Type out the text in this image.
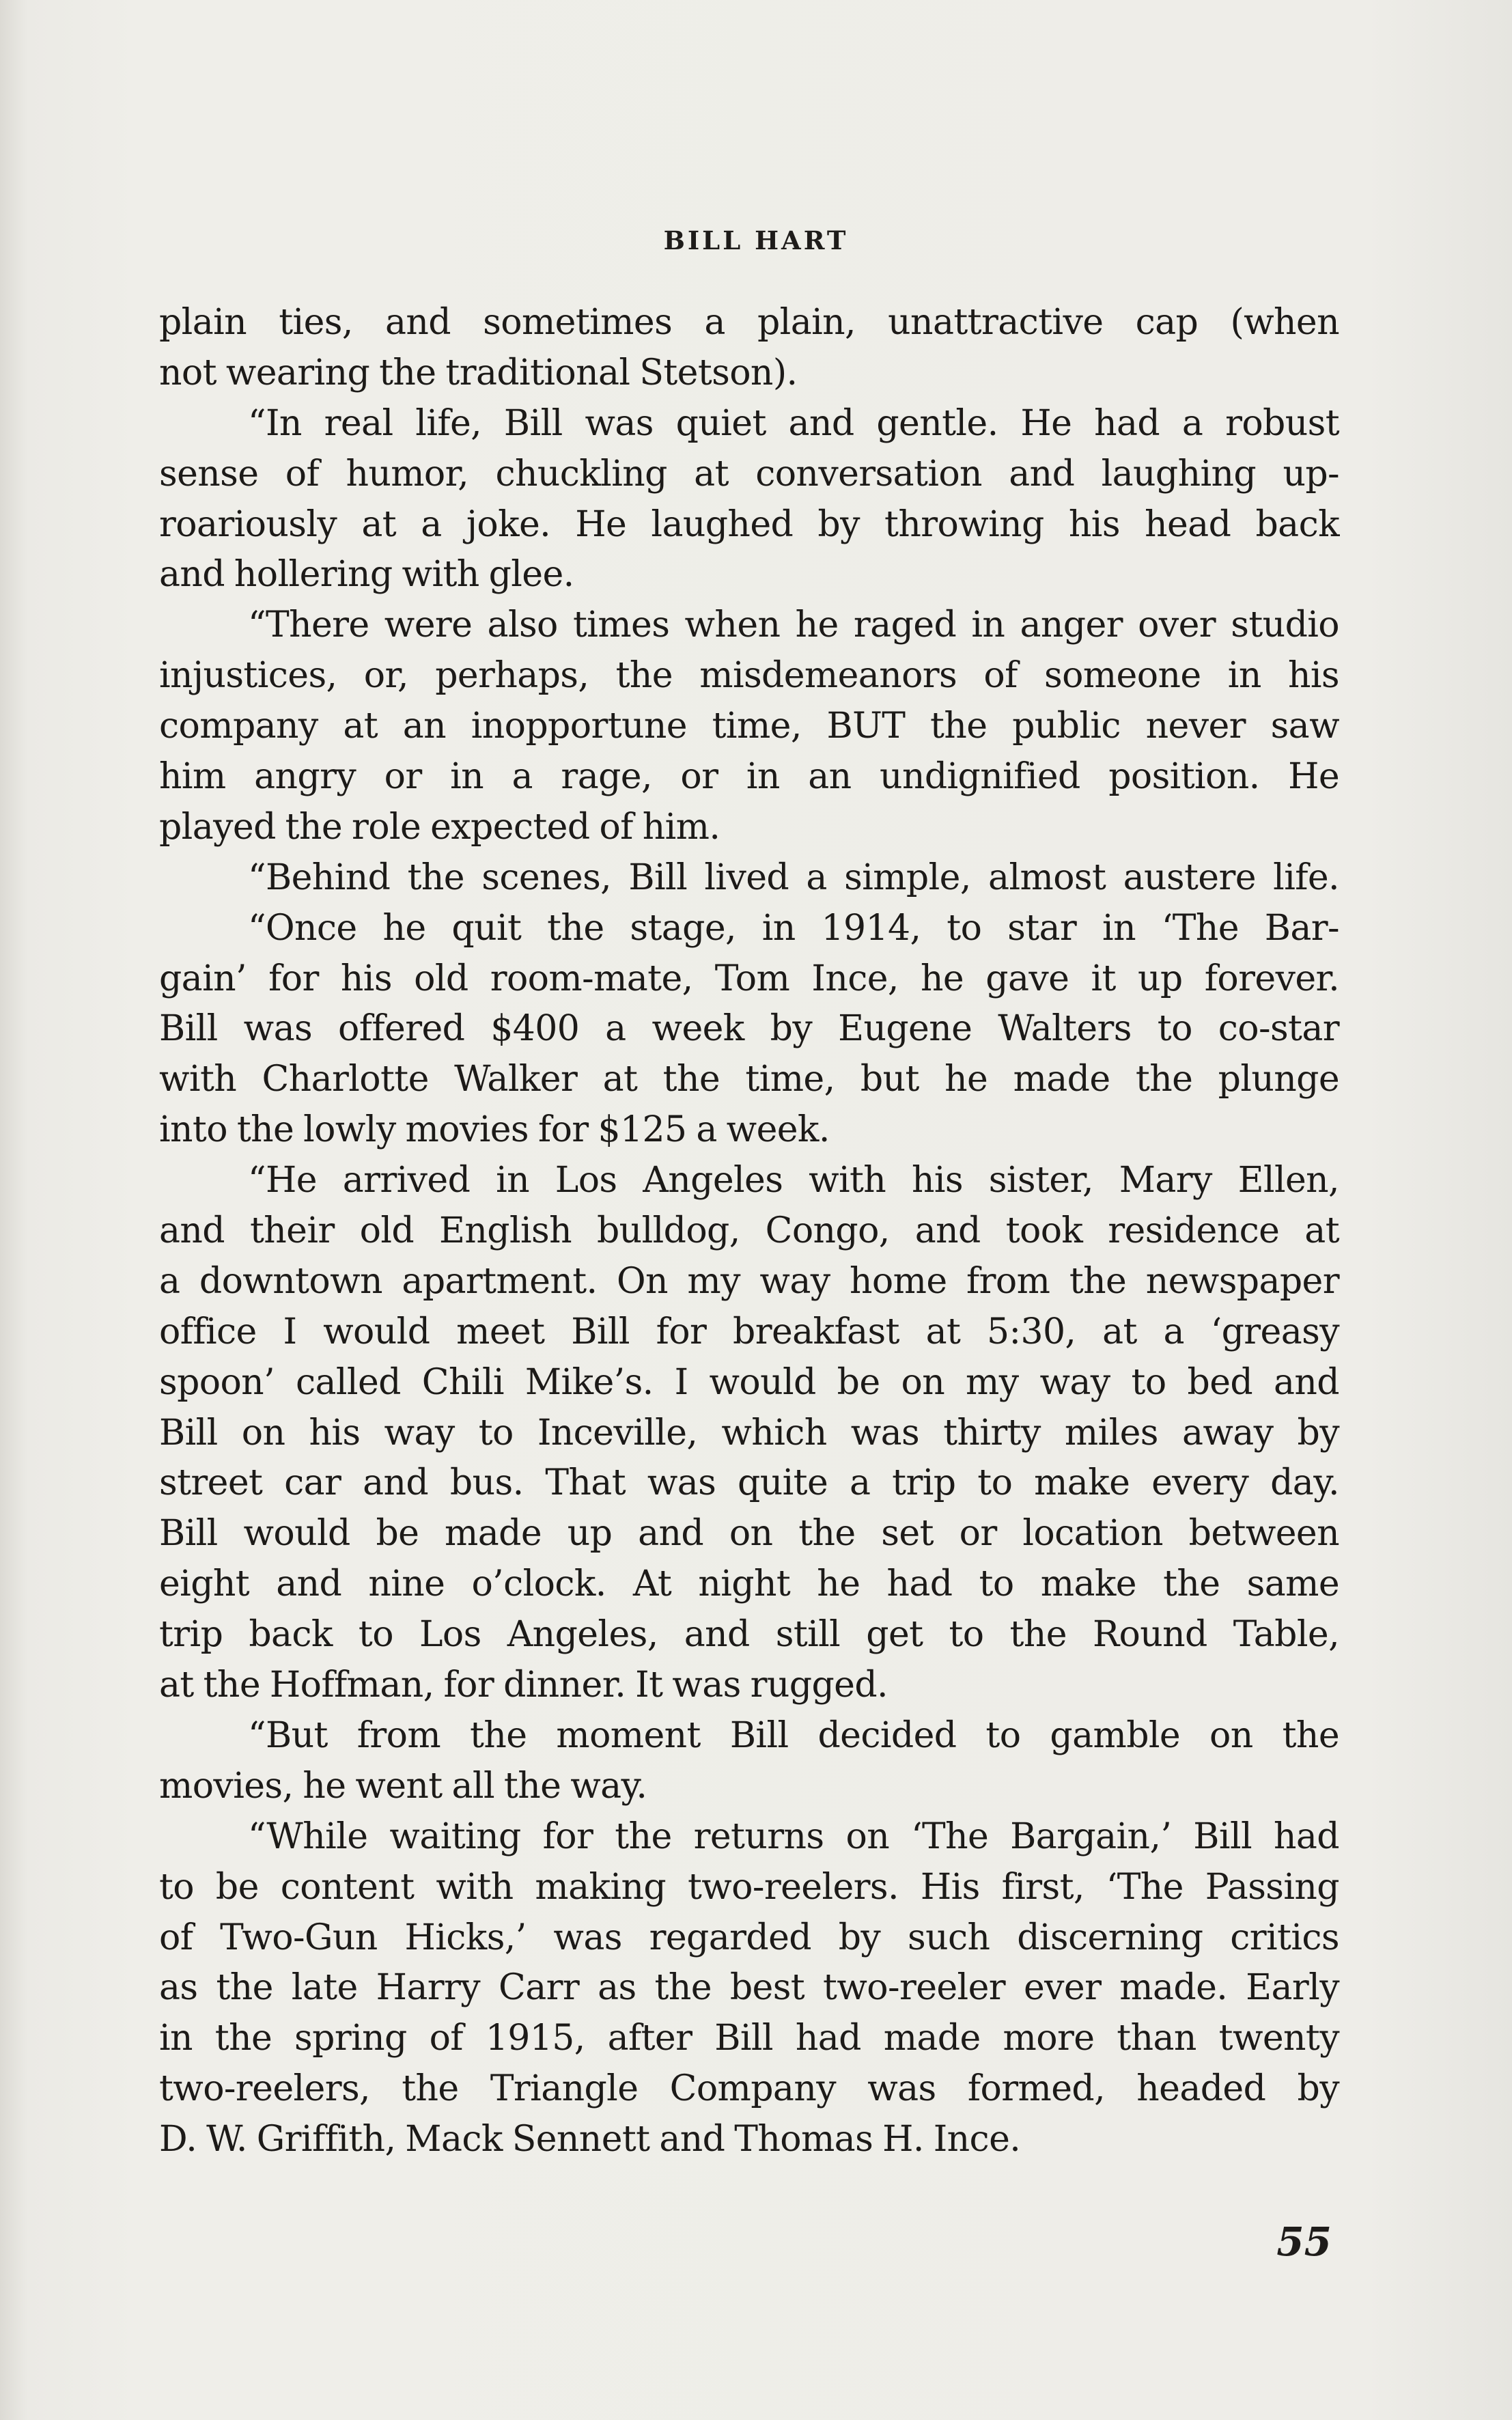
BILL HART
plain ties, and sometimes a plain, unattractive cap (when
not wearing the traditional Stetson).
“In real life, Bill was quiet and gentle. He had a robust
sense of humor, chuckling at conversation and laughing up-
roariously at a joke. He laughed by throwing his head back
and hollering with glee.
“There were also times when he raged in anger over studio
injustices, or, perhaps, the misdemeanors of someone in his
company at an inopportune time, BUT the public never saw
him angry or in a rage, or in an undignified position. He
played the role expected of him.
“Behind the scenes, Bill lived a simple, almost austere life.
“Once he quit the stage, in 1914, to star in ‘The Bar-
gain’ for his old room-mate, Tom Ince, he gave it up forever.
Bill was offered $400 a week by Eugene Walters to co-star
with Charlotte Walker at the time, but he made the plunge
into the lowly movies for $125 a week.
“He arrived in Los Angeles with his sister, Mary Ellen,
and their old English bulldog, Congo, and took residence at
a downtown apartment. On my way home from the newspaper
office I would meet Bill for breakfast at 5:30, at a ‘greasy
spoon’ called Chili Mike’s. I would be on my way to bed and
Bill on his way to Inceville, which was thirty miles away by
street car and bus. That was quite a trip to make every day.
Bill would be made up and on the set or location between
eight and nine o’clock. At night he had to make the same
trip back to Los Angeles, and still get to the Round Table,
at the Hoffman, for dinner. It was rugged.
“But from the moment Bill decided to gamble on the
movies, he went all the way.
“While waiting for the returns on ‘The Bargain,’ Bill had
to be content with making two-reelers. His first, ‘The Passing
of Two-Gun Hicks,’ was regarded by such discerning critics
as the late Harry Carr as the best two-reeler ever made. Early
in the spring of 1915, after Bill had made more than twenty
two-reelers, the Triangle Company was formed, headed by
D. W. Griffith, Mack Sennett and Thomas H. Ince.
55
